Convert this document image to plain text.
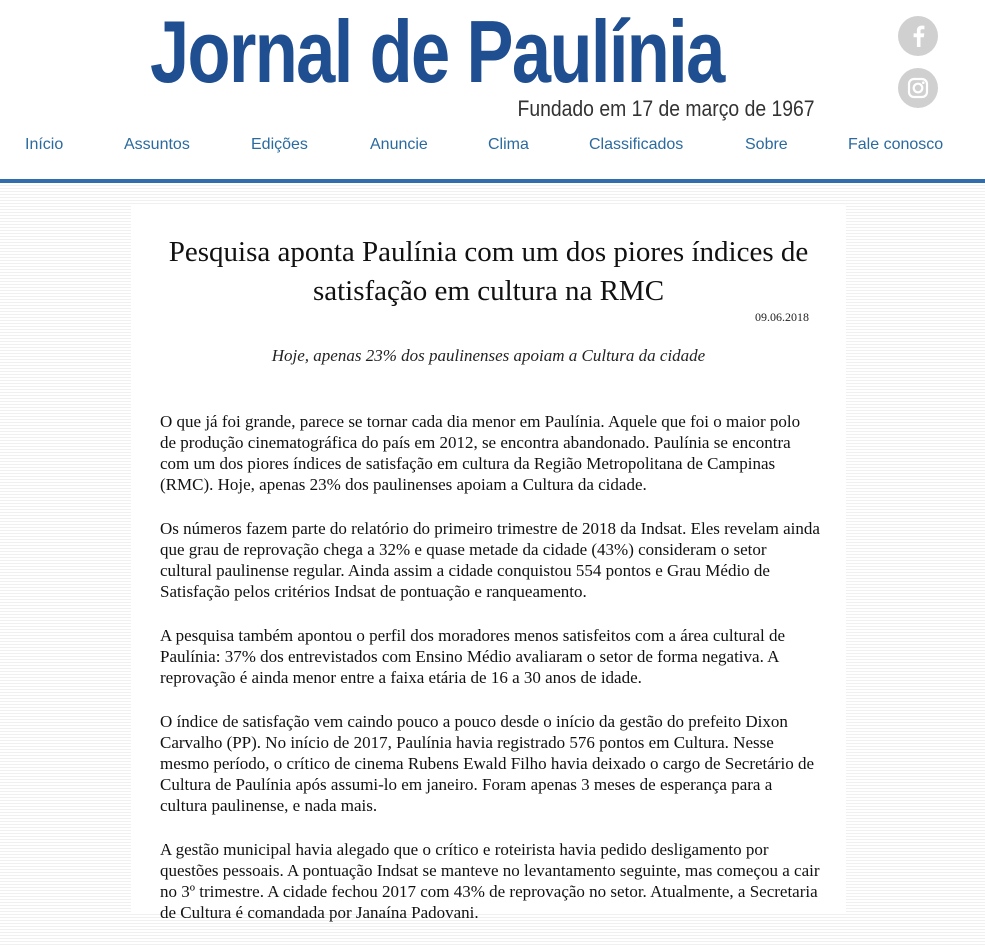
Jornal de Paulínia
Fundado em 17 de março de 1967
Início	Assuntos	Edições	Anuncie	Clima	Classificados	Sobre	Fale conosco
Pesquisa aponta Paulínia com um dos piores índices de satisfação em cultura na RMC
09.06.2018
Hoje, apenas 23% dos paulinenses apoiam a Cultura da cidade

O que já foi grande, parece se tornar cada dia menor em Paulínia. Aquele que foi o maior polo de produção cinematográfica do país em 2012, se encontra abandonado. Paulínia se encontra com um dos piores índices de satisfação em cultura da Região Metropolitana de Campinas (RMC). Hoje, apenas 23% dos paulinenses apoiam a Cultura da cidade.

Os números fazem parte do relatório do primeiro trimestre de 2018 da Indsat. Eles revelam ainda que grau de reprovação chega a 32% e quase metade da cidade (43%) consideram o setor cultural paulinense regular. Ainda assim a cidade conquistou 554 pontos e Grau Médio de Satisfação pelos critérios Indsat de pontuação e ranqueamento.

A pesquisa também apontou o perfil dos moradores menos satisfeitos com a área cultural de Paulínia: 37% dos entrevistados com Ensino Médio avaliaram o setor de forma negativa. A reprovação é ainda menor entre a faixa etária de 16 a 30 anos de idade.

O índice de satisfação vem caindo pouco a pouco desde o início da gestão do prefeito Dixon Carvalho (PP). No início de 2017, Paulínia havia registrado 576 pontos em Cultura. Nesse mesmo período, o crítico de cinema Rubens Ewald Filho havia deixado o cargo de Secretário de Cultura de Paulínia após assumi-lo em janeiro. Foram apenas 3 meses de esperança para a cultura paulinense, e nada mais.

A gestão municipal havia alegado que o crítico e roteirista havia pedido desligamento por questões pessoais. A pontuação Indsat se manteve no levantamento seguinte, mas começou a cair no 3º trimestre. A cidade fechou 2017 com 43% de reprovação no setor. Atualmente, a Secretaria de Cultura é comandada por Janaína Padovani.
